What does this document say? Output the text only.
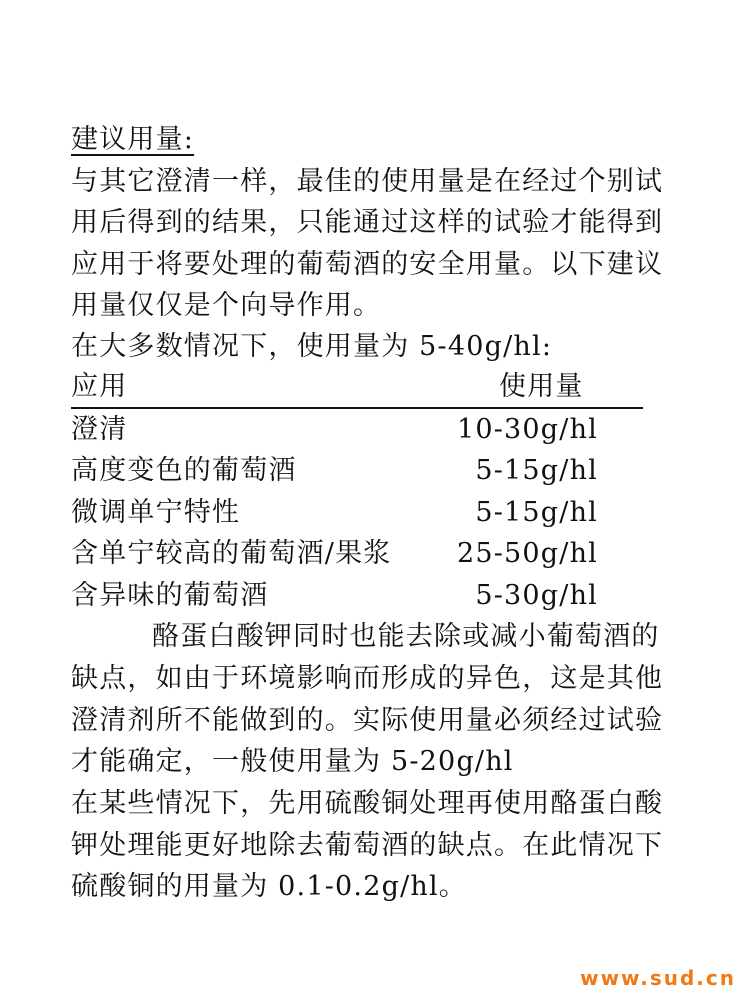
建议用量:
与其它澄清一样，最佳的使用量是在经过个别试
用后得到的结果，只能通过这样的试验才能得到
应用于将要处理的葡萄酒的安全用量。以下建议
用量仅仅是个向导作用。
在大多数情况下，使用量为 5-40g/hl:
应用	使用量
澄清	10-30g/hl
高度变色的葡萄酒	5-15g/hl
微调单宁特性	5-15g/hl
含单宁较高的葡萄酒/果浆 25-50g/hl
含异味的葡萄酒	5-30g/hl
酪蛋白酸钾同时也能去除或减小葡萄酒的
缺点，如由于环境影响而形成的异色，这是其他
澄清剂所不能做到的。实际使用量必须经过试验
才能确定，一般使用量为 5-20g/hl
在某些情况下，先用硫酸铜处理再使用酪蛋白酸
钾处理能更好地除去葡萄酒的缺点。在此情况下
硫酸铜的用量为 0.1-0.2g/hl。
www.sud.cn
